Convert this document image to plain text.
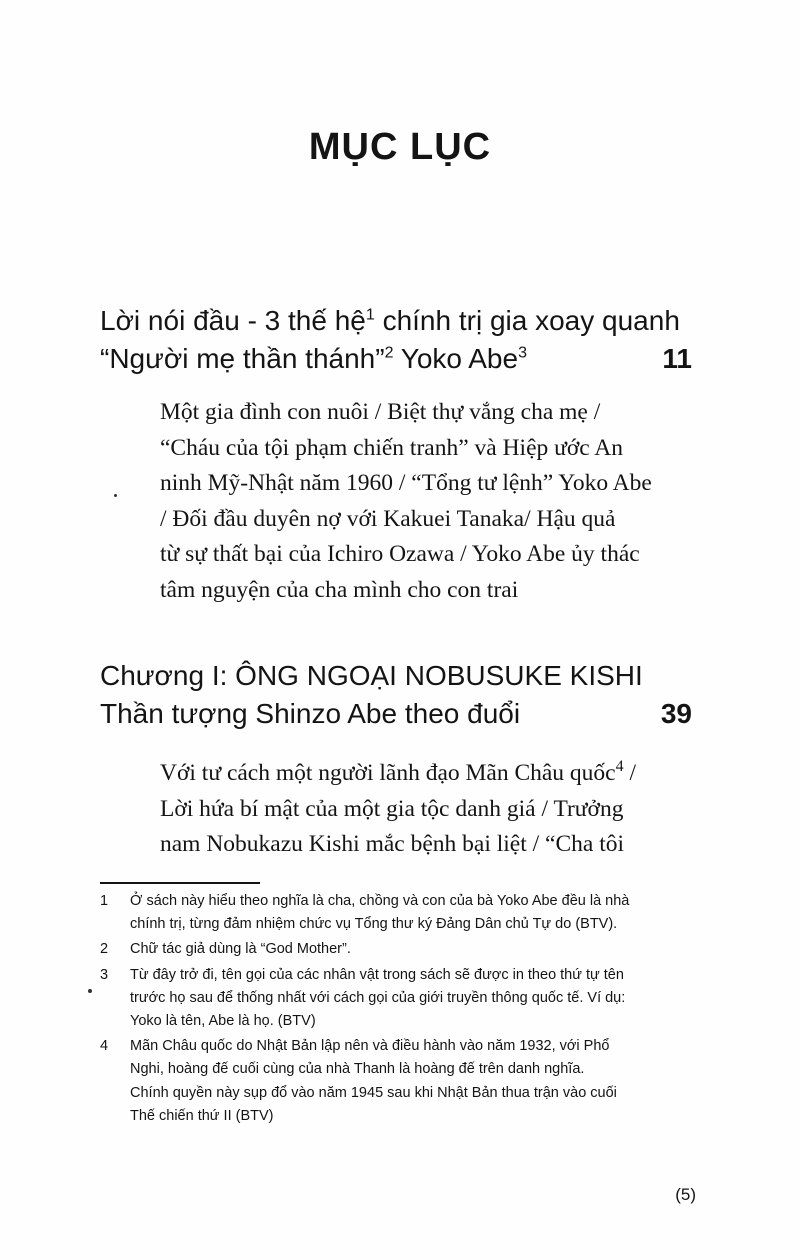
MỤC LỤC
Lời nói đầu - 3 thế hệ$^1$ chính trị gia xoay quanh
“Người mẹ thần thánh”$^2$ Yoko Abe$^3$	11
Một gia đình con nuôi / Biệt thự vắng cha mẹ /
“Cháu của tội phạm chiến tranh” và Hiệp ước An
ninh Mỹ-Nhật năm 1960 / “Tổng tư lệnh” Yoko Abe
/ Đối đầu duyên nợ với Kakuei Tanaka/ Hậu quả
từ sự thất bại của Ichiro Ozawa / Yoko Abe ủy thác
tâm nguyện của cha mình cho con trai
Chương I: ÔNG NGOẠI NOBUSUKE KISHI
Thần tượng Shinzo Abe theo đuổi	39
Với tư cách một người lãnh đạo Mãn Châu quốc$^4$ /
Lời hứa bí mật của một gia tộc danh giá / Trưởng
nam Nobukazu Kishi mắc bệnh bại liệt / “Cha tôi
1	Ở sách này hiểu theo nghĩa là cha, chồng và con của bà Yoko Abe đều là nhà
chính trị, từng đảm nhiệm chức vụ Tổng thư ký Đảng Dân chủ Tự do (BTV).
2	Chữ tác giả dùng là “God Mother”.
3	Từ đây trở đi, tên gọi của các nhân vật trong sách sẽ được in theo thứ tự tên
trước họ sau để thống nhất với cách gọi của giới truyền thông quốc tế. Ví dụ:
Yoko là tên, Abe là họ. (BTV)
4	Mãn Châu quốc do Nhật Bản lập nên và điều hành vào năm 1932, với Phổ
Nghi, hoàng đế cuối cùng của nhà Thanh là hoàng đế trên danh nghĩa.
Chính quyền này sụp đổ vào năm 1945 sau khi Nhật Bản thua trận vào cuối
Thế chiến thứ II (BTV)
(5)
